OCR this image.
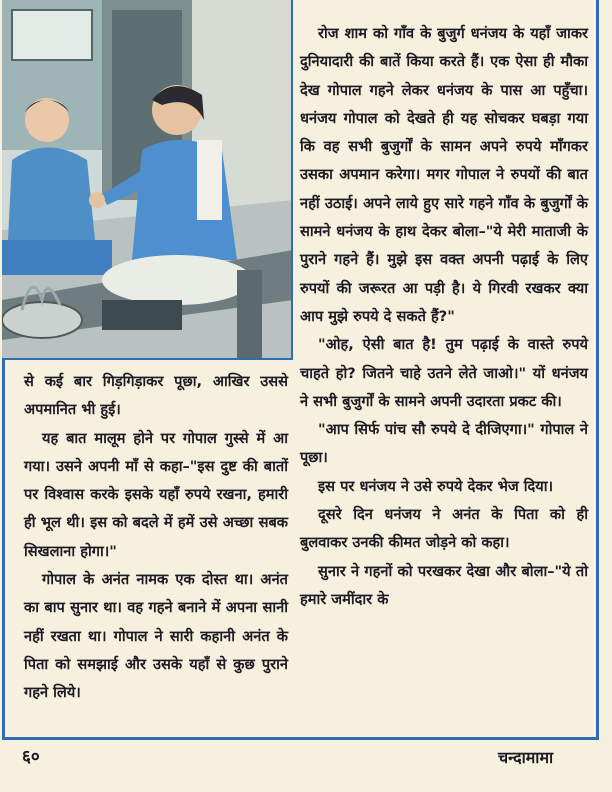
रोज शाम को गाँव के बुजुर्ग धनंजय के यहाँ जाकर दुनियादारी की बातें किया करते हैं। एक ऐसा ही मौका देख गोपाल गहने लेकर धनंजय के पास आ पहुँचा। धनंजय गोपाल को देखते ही यह सोचकर घबड़ा गया कि वह सभी बुजुर्गों के सामन अपने रुपये माँगकर उसका अपमान करेगा। मगर गोपाल ने रुपयों की बात नहीं उठाई। अपने लाये हुए सारे गहने गाँव के बुजुर्गों के सामने धनंजय के हाथ देकर बोला–"ये मेरी माताजी के पुराने गहने हैं। मुझे इस वक्त अपनी पढ़ाई के लिए रुपयों की जरूरत आ पड़ी है। ये गिरवी रखकर क्या आप मुझे रुपये दे सकते हैं?"

"ओह, ऐसी बात है! तुम पढ़ाई के वास्ते रुपये चाहते हो? जितने चाहे उतने लेते जाओ।" यों धनंजय ने सभी बुजुर्गों के सामने अपनी उदारता प्रकट की।

"आप सिर्फ पांच सौ रुपये दे दीजिएगा।" गोपाल ने पूछा।

इस पर धनंजय ने उसे रुपये देकर भेज दिया।

दूसरे दिन धनंजय ने अनंत के पिता को ही बुलवाकर उनकी कीमत जोड़ने को कहा।

सुनार ने गहनों को परखकर देखा और बोला–"ये तो हमारे जमींदार के

से कई बार गिड़गिड़ाकर पूछा, आखिर उससे अपमानित भी हुई।

यह बात मालूम होने पर गोपाल गुस्से में आ गया। उसने अपनी माँ से कहा–"इस दुष्ट की बातों पर विश्वास करके इसके यहाँ रुपये रखना, हमारी ही भूल थी। इस को बदले में हमें उसे अच्छा सबक सिखलाना होगा।"

गोपाल के अनंत नामक एक दोस्त था। अनंत का बाप सुनार था। वह गहने बनाने में अपना सानी नहीं रखता था। गोपाल ने सारी कहानी अनंत के पिता को समझाई और उसके यहाँ से कुछ पुराने गहने लिये।

६०	चन्दामामा
